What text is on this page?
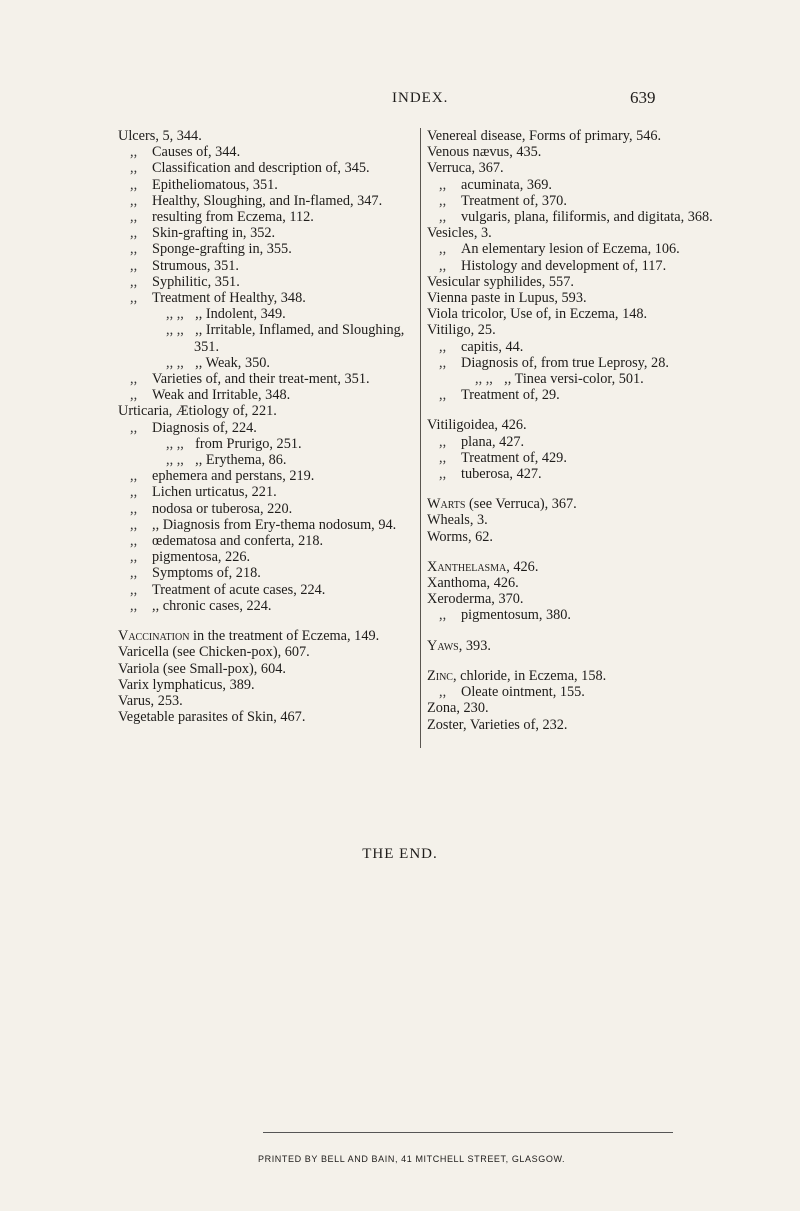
INDEX.	639
Ulcers, 5, 344.
,, Causes of, 344.
,, Classification and description of, 345.
,, Epitheliomatous, 351.
,, Healthy, Sloughing, and In-flamed, 347.
,, resulting from Eczema, 112.
,, Skin-grafting in, 352.
,, Sponge-grafting in, 355.
,, Strumous, 351.
,, Syphilitic, 351.
,, Treatment of Healthy, 348.
,, ,, ,, Indolent, 349.
,, ,, ,, Irritable, Inflamed, and Sloughing, 351.
,, ,, ,, Weak, 350.
,, Varieties of, and their treat-ment, 351.
,, Weak and Irritable, 348.
Urticaria, Ætiology of, 221.
,, Diagnosis of, 224.
,, ,, from Prurigo, 251.
,, ,, ,, Erythema, 86.
,, ephemera and perstans, 219.
,, Lichen urticatus, 221.
,, nodosa or tuberosa, 220.
,, ,, Diagnosis from Ery-thema nodosum, 94.
,, œdematosa and conferta, 218.
,, pigmentosa, 226.
,, Symptoms of, 218.
,, Treatment of acute cases, 224.
,, ,, chronic cases, 224.
Vaccination in the treatment of Eczema, 149.
Varicella (see Chicken-pox), 607.
Variola (see Small-pox), 604.
Varix lymphaticus, 389.
Varus, 253.
Vegetable parasites of Skin, 467.
Venereal disease, Forms of primary, 546.
Venous nævus, 435.
Verruca, 367.
,, acuminata, 369.
,, Treatment of, 370.
,, vulgaris, plana, filiformis, and digitata, 368.
Vesicles, 3.
,, An elementary lesion of Eczema, 106.
,, Histology and development of, 117.
Vesicular syphilides, 557.
Vienna paste in Lupus, 593.
Viola tricolor, Use of, in Eczema, 148.
Vitiligo, 25.
,, capitis, 44.
,, Diagnosis of, from true Leprosy, 28.
,, ,, ,, Tinea versi-color, 501.
,, Treatment of, 29.
Vitiligoidea, 426.
,, plana, 427.
,, Treatment of, 429.
,, tuberosa, 427.
Warts (see Verruca), 367.
Wheals, 3.
Worms, 62.
Xanthelasma, 426.
Xanthoma, 426.
Xeroderma, 370.
,, pigmentosum, 380.
Yaws, 393.
Zinc, chloride, in Eczema, 158.
,, Oleate ointment, 155.
Zona, 230.
Zoster, Varieties of, 232.
THE END.
PRINTED BY BELL AND BAIN, 41 MITCHELL STREET, GLASGOW.
